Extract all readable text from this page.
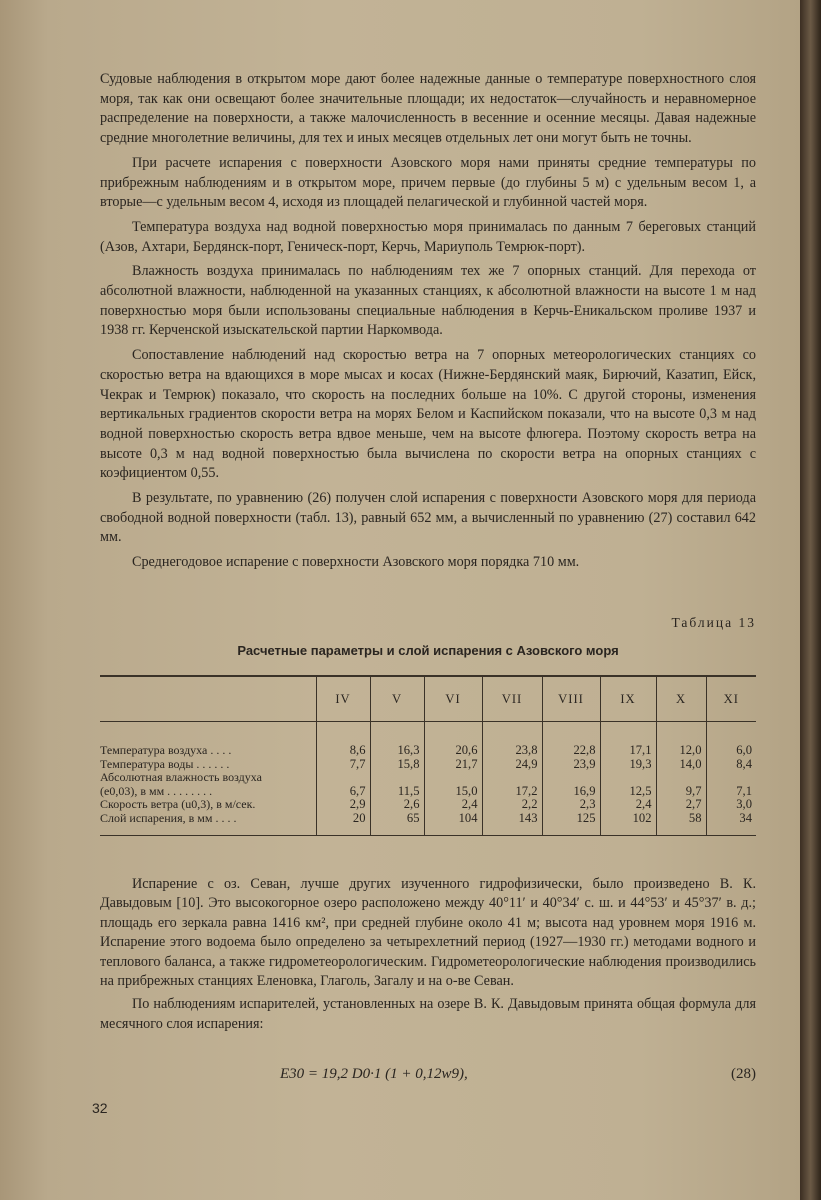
Судовые наблюдения в открытом море дают более надежные данные о температуре поверхностного слоя моря, так как они освещают более значительные площади; их недостаток—случайность и неравномерное распределение на поверхности, а также малочисленность в весенние и осенние месяцы. Давая надежные средние многолетние величины, для тех и иных месяцев отдельных лет они могут быть не точны.

При расчете испарения с поверхности Азовского моря нами приняты средние температуры по прибрежным наблюдениям и в открытом море, причем первые (до глубины 5 м) с удельным весом 1, а вторые—с удельным весом 4, исходя из площадей пелагической и глубинной частей моря.

Температура воздуха над водной поверхностью моря принималась по данным 7 береговых станций (Азов, Ахтари, Бердянск-порт, Геническ-порт, Керчь, Мариуполь Темрюк-порт).

Влажность воздуха принималась по наблюдениям тех же 7 опорных станций. Для перехода от абсолютной влажности, наблюденной на указанных станциях, к абсолютной влажности на высоте 1 м над поверхностью моря были использованы специальные наблюдения в Керчь-Еникальском проливе 1937 и 1938 гг. Керченской изыскательской партии Наркомвода.

Сопоставление наблюдений над скоростью ветра на 7 опорных метеорологических станциях со скоростью ветра на вдающихся в море мысах и косах (Нижне-Бердянский маяк, Бирючий, Казатип, Ейск, Чекрак и Темрюк) показало, что скорость на последних больше на 10%. С другой стороны, изменения вертикальных градиентов скорости ветра на морях Белом и Каспийском показали, что на высоте 0,3 м над водной поверхностью скорость ветра вдвое меньше, чем на высоте флюгера. Поэтому скорость ветра на высоте 0,3 м над водной поверхностью была вычислена по скорости ветра на опорных станциях с коэфициентом 0,55.

В результате, по уравнению (26) получен слой испарения с поверхности Азовского моря для периода свободной водной поверхности (табл. 13), равный 652 мм, а вычисленный по уравнению (27) составил 642 мм.

Среднегодовое испарение с поверхности Азовского моря порядка 710 мм.

Таблица 13
Расчетные параметры и слой испарения с Азовского моря
	IV	V	VI	VII	VIII	IX	X	XI

Температура воздуха . . . .	8,6	16,3	20,6	23,8	22,8	17,1	12,0	6,0
Температура воды . . . . . .	7,7	15,8	21,7	24,9	23,9	19,3	14,0	8,4
Абсолютная влажность воздуха								
(e0,03), в мм . . . . . . . .	6,7	11,5	15,0	17,2	16,9	12,5	9,7	7,1
Скорость ветра (u0,3), в м/сек.	2,9	2,6	2,4	2,2	2,3	2,4	2,7	3,0
Слой испарения, в мм . . . .	20	65	104	143	125	102	58	34

Испарение с оз. Севан, лучше других изученного гидрофизически, было произведено В. К. Давыдовым [10]. Это высокогорное озеро расположено между 40°11′ и 40°34′ с. ш. и 44°53′ и 45°37′ в. д.; площадь его зеркала равна 1416 км², при средней глубине около 41 м; высота над уровнем моря 1916 м. Испарение этого водоема было определено за четырехлетний период (1927—1930 гг.) методами водного и теплового баланса, а также гидрометеорологическим. Гидрометеорологические наблюдения производились на прибрежных станциях Еленовка, Глаголь, Загалу и на о-ве Севан.

По наблюдениям испарителей, установленных на озере В. К. Давыдовым принята общая формула для месячного слоя испарения:

E30 = 19,2 D0·1 (1 + 0,12w9),	(28)
32
